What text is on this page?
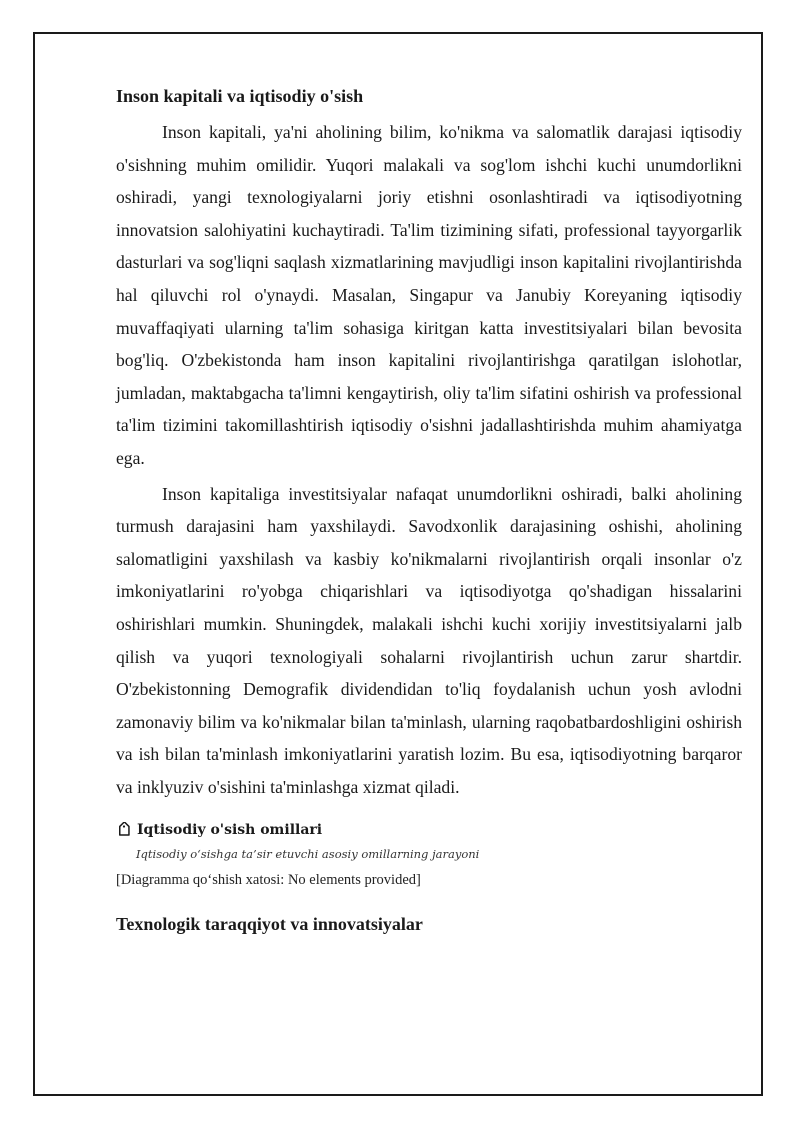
Inson kapitali va iqtisodiy o'sish

Inson kapitali, ya'ni aholining bilim, ko'nikma va salomatlik darajasi iqtisodiy o'sishning muhim omilidir. Yuqori malakali va sog'lom ishchi kuchi unumdorlikni oshiradi, yangi texnologiyalarni joriy etishni osonlashtiradi va iqtisodiyotning innovatsion salohiyatini kuchaytiradi. Ta'lim tizimining sifati, professional tayyorgarlik dasturlari va sog'liqni saqlash xizmatlarining mavjudligi inson kapitalini rivojlantirishda hal qiluvchi rol o'ynaydi. Masalan, Singapur va Janubiy Koreyaning iqtisodiy muvaffaqiyati ularning ta'lim sohasiga kiritgan katta investitsiyalari bilan bevosita bog'liq. O'zbekistonda ham inson kapitalini rivojlantirishga qaratilgan islohotlar, jumladan, maktabgacha ta'limni kengaytirish, oliy ta'lim sifatini oshirish va professional ta'lim tizimini takomillashtirish iqtisodiy o'sishni jadallashtirishda muhim ahamiyatga ega.

Inson kapitaliga investitsiyalar nafaqat unumdorlikni oshiradi, balki aholining turmush darajasini ham yaxshilaydi. Savodxonlik darajasining oshishi, aholining salomatligini yaxshilash va kasbiy ko'nikmalarni rivojlantirish orqali insonlar o'z imkoniyatlarini ro'yobga chiqarishlari va iqtisodiyotga qo'shadigan hissalarini oshirishlari mumkin. Shuningdek, malakali ishchi kuchi xorijiy investitsiyalarni jalb qilish va yuqori texnologiyali sohalarni rivojlantirish uchun zarur shartdir. O'zbekistonning Demografik dividendidan to'liq foydalanish uchun yosh avlodni zamonaviy bilim va ko'nikmalar bilan ta'minlash, ularning raqobatbardoshligini oshirish va ish bilan ta'minlash imkoniyatlarini yaratish lozim. Bu esa, iqtisodiyotning barqaror va inklyuziv o'sishini ta'minlashga xizmat qiladi.

Iqtisodiy o'sish omillari
Iqtisodiy o‘sishga ta’sir etuvchi asosiy omillarning jarayoni
[Diagramma qo‘shish xatosi: No elements provided]
Texnologik taraqqiyot va innovatsiyalar
